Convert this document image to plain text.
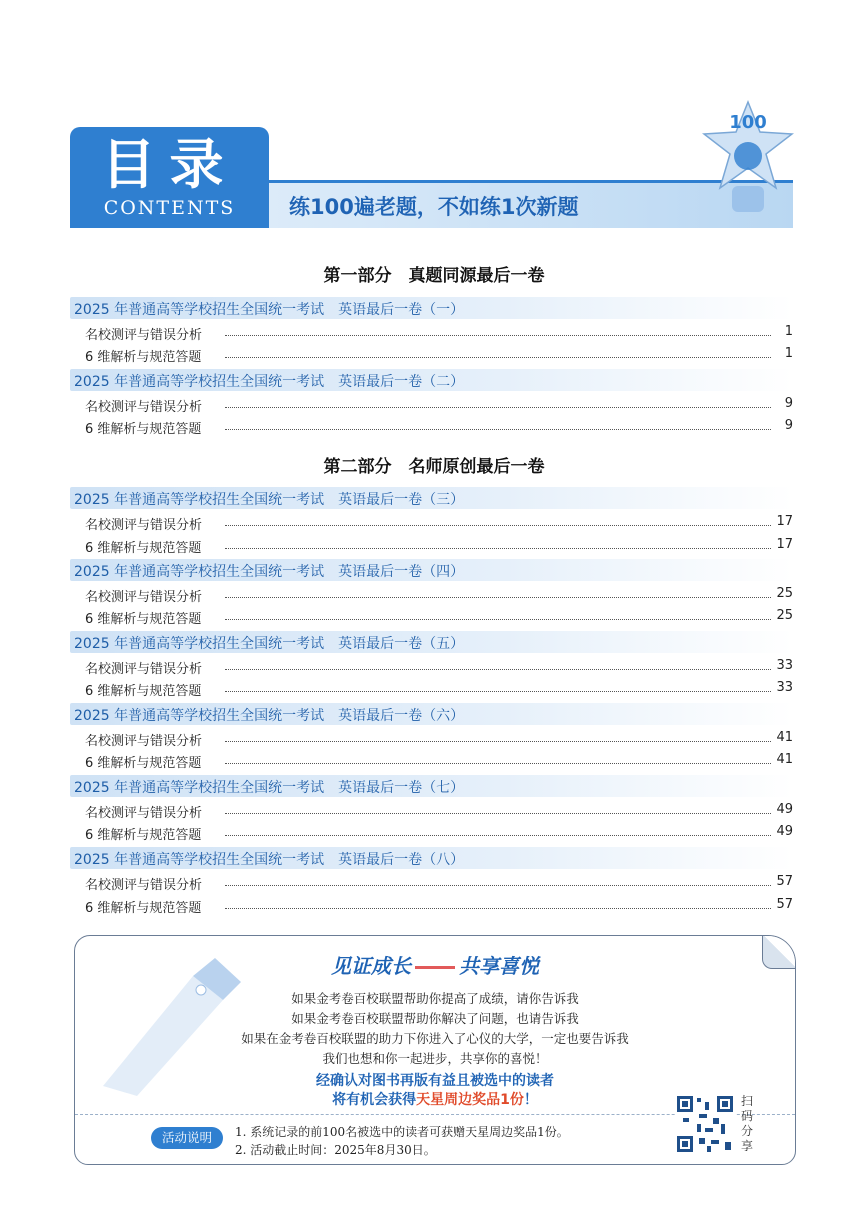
目录
CONTENTS	练100遍老题，不如练1次新题
100
第一部分　真题同源最后一卷
2025 年普通高等学校招生全国统一考试　英语最后一卷（一）
名校测评与错误分析	1
6 维解析与规范答题	1
2025 年普通高等学校招生全国统一考试　英语最后一卷（二）
名校测评与错误分析	9
6 维解析与规范答题	9
第二部分　名师原创最后一卷
2025 年普通高等学校招生全国统一考试　英语最后一卷（三）
名校测评与错误分析	17
6 维解析与规范答题	17
2025 年普通高等学校招生全国统一考试　英语最后一卷（四）
名校测评与错误分析	25
6 维解析与规范答题	25
2025 年普通高等学校招生全国统一考试　英语最后一卷（五）
名校测评与错误分析	33
6 维解析与规范答题	33
2025 年普通高等学校招生全国统一考试　英语最后一卷（六）
名校测评与错误分析	41
6 维解析与规范答题	41
2025 年普通高等学校招生全国统一考试　英语最后一卷（七）
名校测评与错误分析	49
6 维解析与规范答题	49
2025 年普通高等学校招生全国统一考试　英语最后一卷（八）
名校测评与错误分析	57
6 维解析与规范答题	57
见证成长 共享喜悦
如果金考卷百校联盟帮助你提高了成绩，请你告诉我
如果金考卷百校联盟帮助你解决了问题，也请告诉我
如果在金考卷百校联盟的助力下你进入了心仪的大学，一定也要告诉我
我们也想和你一起进步，共享你的喜悦！
经确认对图书再版有益且被选中的读者
将有机会获得天星周边奖品1份！
活动说明	1. 系统记录的前100名被选中的读者可获赠天星周边奖品1份。
2. 活动截止时间：2025年8月30日。
扫码分享
